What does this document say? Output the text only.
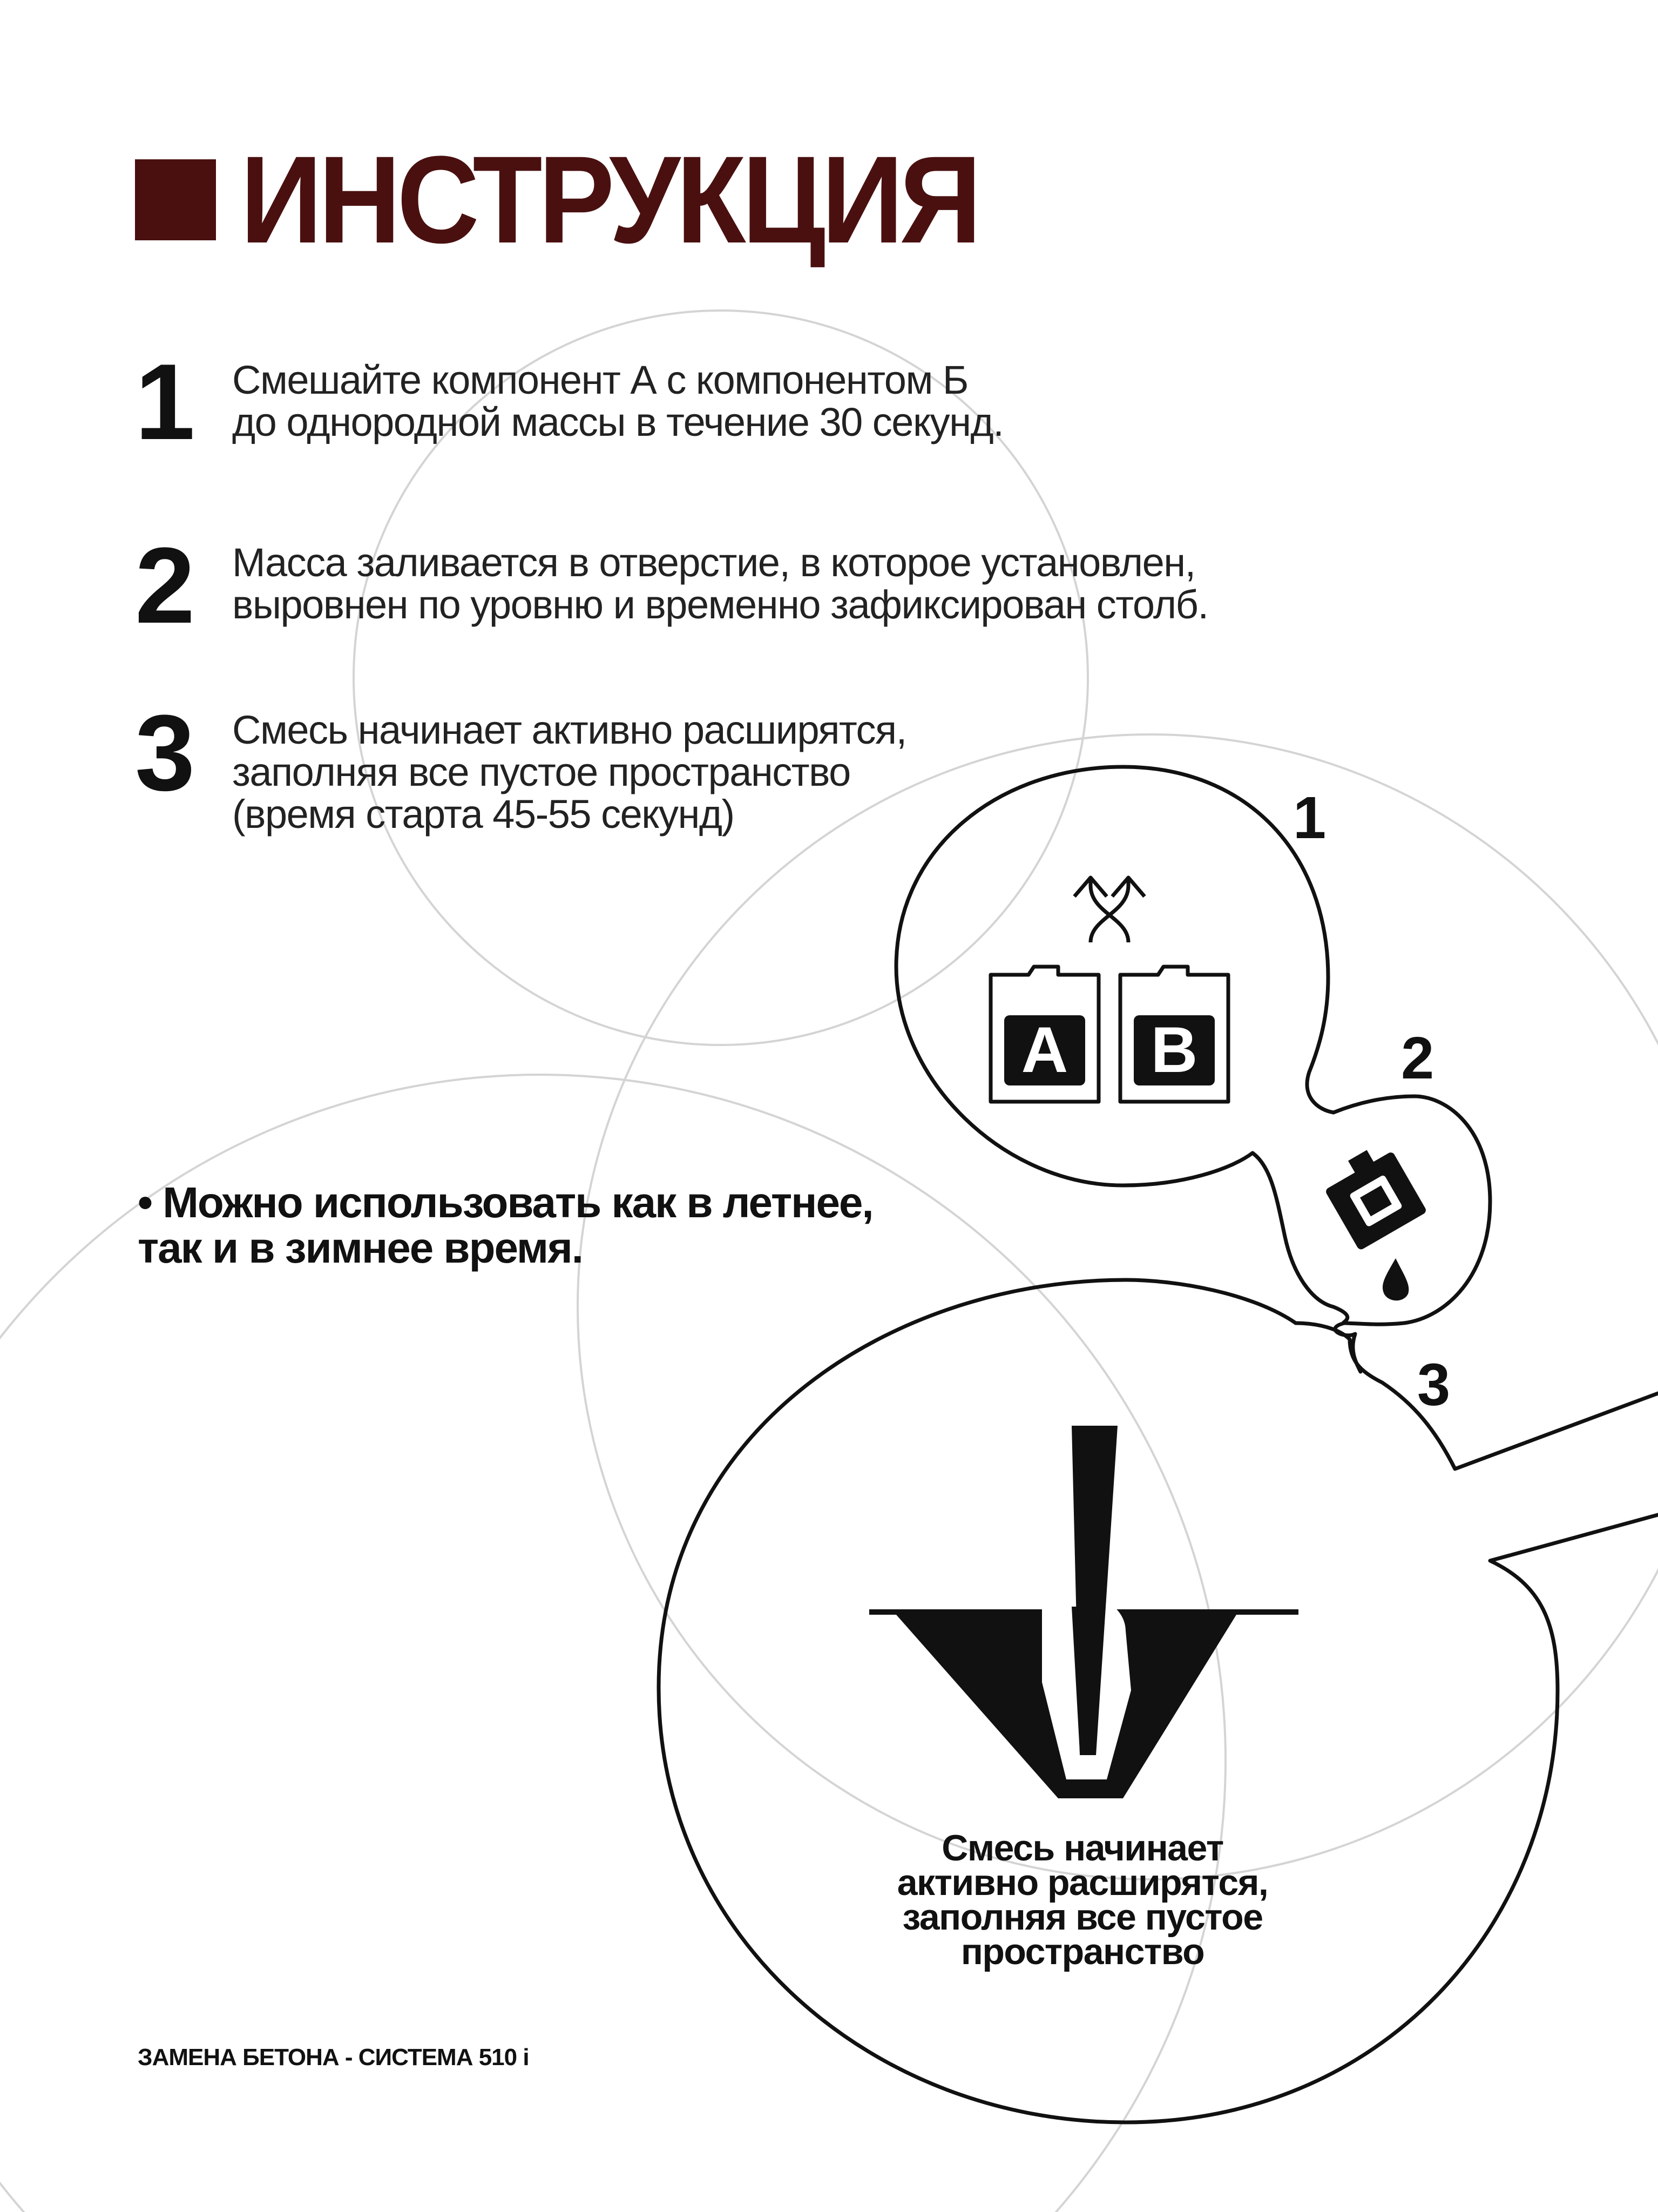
ИНСТРУКЦИЯ
1 Смешайте компонент А с компонентом Б
до однородной массы в течение 30 секунд.
2 Масса заливается в отверстие, в которое установлен,
выровнен по уровню и временно зафиксирован столб.
3 Смесь начинает активно расширятся,
заполняя все пустое пространство
(время старта 45-55 секунд)
• Можно использовать как в летнее,
так и в зимнее время.
A B
1
2
3
Смесь начинает
активно расширятся,
заполняя все пустое
пространство
ЗАМЕНА БЕТОНА - СИСТЕМА 510 i
